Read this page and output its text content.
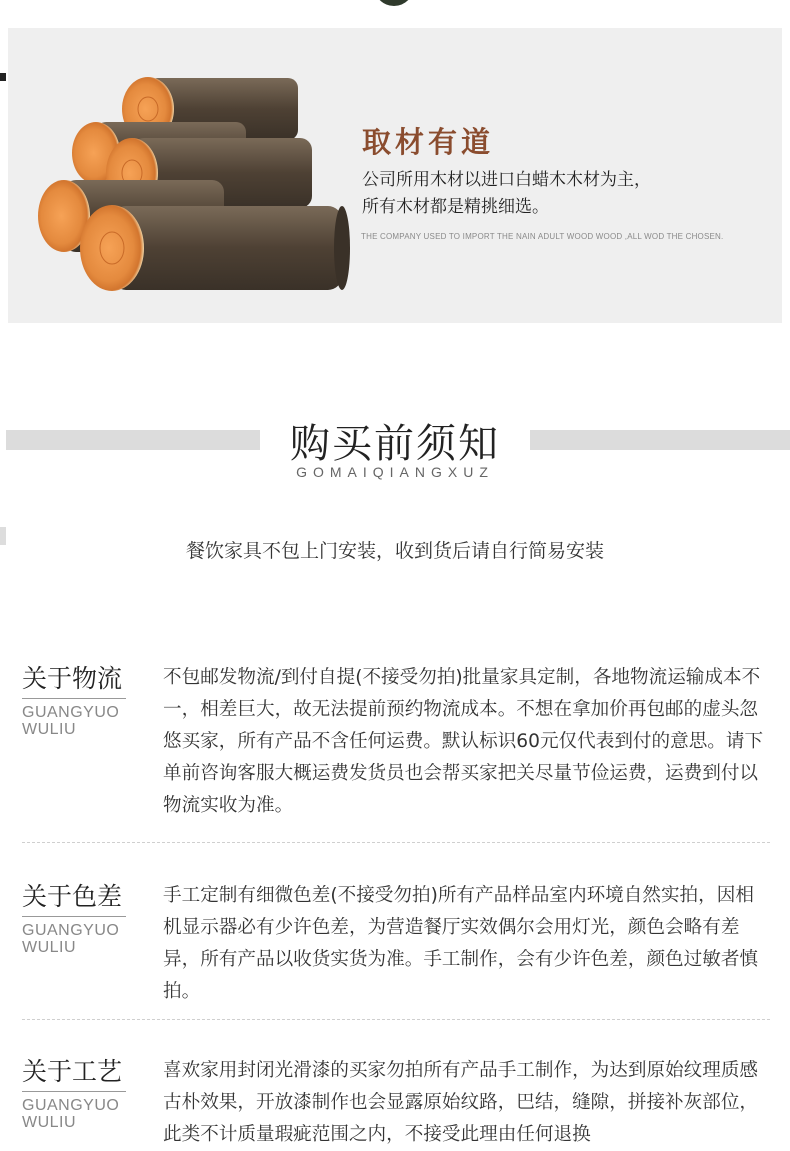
取材有道
公司所用木材以进口白蜡木木材为主，
所有木材都是精挑细选。
THE COMPANY USED TO IMPORT THE NAIN ADULT WOOD WOOD ,ALL WOD THE CHOSEN.
购买前须知
GOMAIQIANGXUZ
餐饮家具不包上门安装，收到货后请自行简易安装
关于物流
GUANGYUO
WULIU
不包邮发物流/到付自提(不接受勿拍)批量家具定制，各地物流运输成本不一，相差巨大，故无法提前预约物流成本。不想在拿加价再包邮的虚头忽悠买家，所有产品不含任何运费。默认标识60元仅代表到付的意思。请下单前咨询客服大概运费发货员也会帮买家把关尽量节俭运费，运费到付以物流实收为准。
关于色差
GUANGYUO
WULIU
手工定制有细微色差(不接受勿拍)所有产品样品室内环境自然实拍，因相机显示器必有少许色差，为营造餐厅实效偶尔会用灯光，颜色会略有差异，所有产品以收货实货为准。手工制作，会有少许色差，颜色过敏者慎拍。
关于工艺
GUANGYUO
WULIU
喜欢家用封闭光滑漆的买家勿拍所有产品手工制作，为达到原始纹理质感古朴效果，开放漆制作也会显露原始纹路，巴结，缝隙，拼接补灰部位，此类不计质量瑕疵范围之内，不接受此理由任何退换
